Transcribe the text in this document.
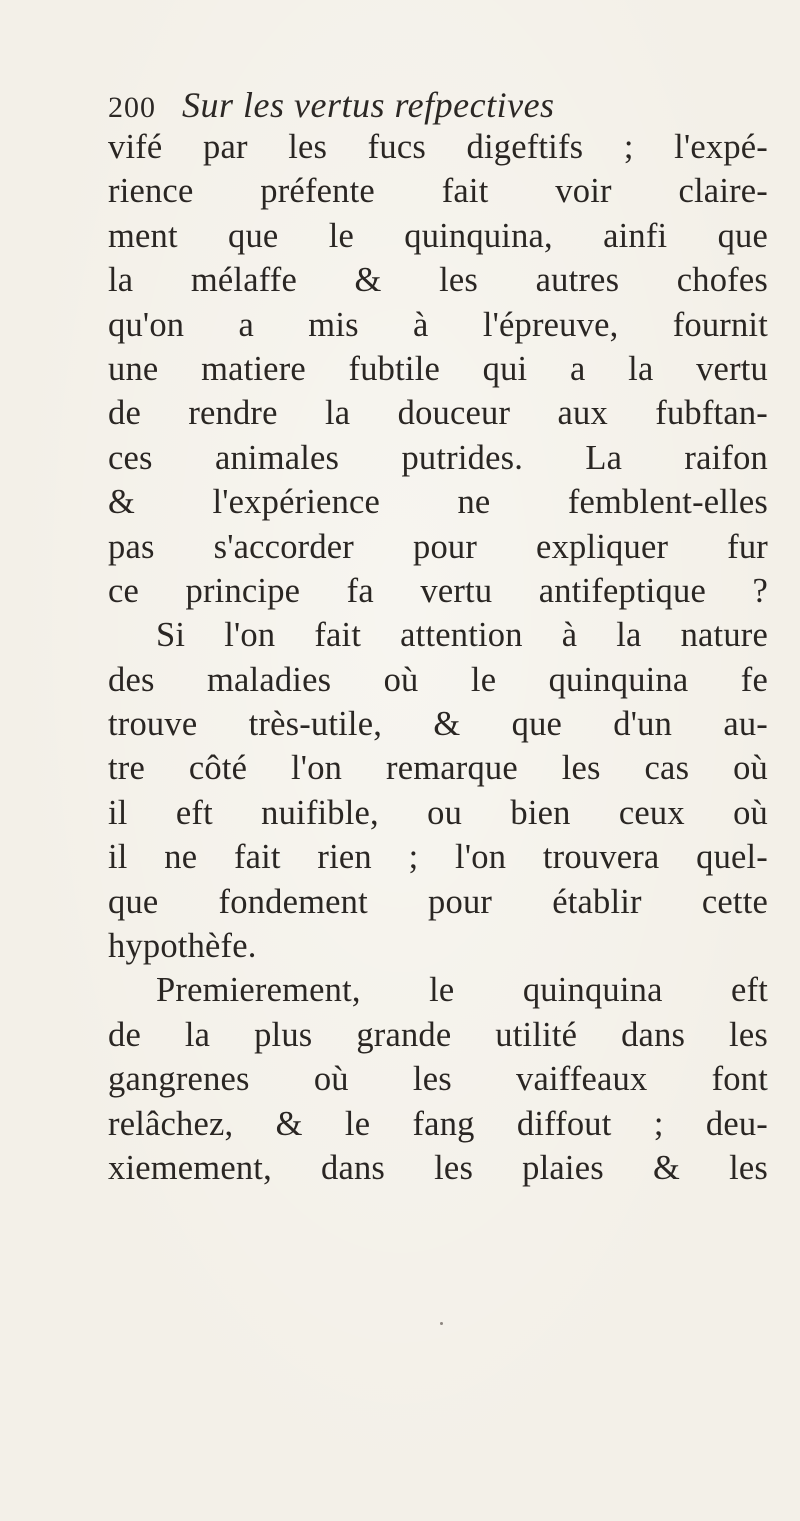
200 Sur les vertus refpectives
vifé par les fucs digeftifs ; l'expé-
rience préfente fait voir claire-
ment que le quinquina, ainfi que
la mélaffe & les autres chofes
qu'on a mis à l'épreuve, fournit
une matiere fubtile qui a la vertu
de rendre la douceur aux fubftan-
ces animales putrides. La raifon
& l'expérience ne femblent-elles
pas s'accorder pour expliquer fur
ce principe fa vertu antifeptique ?
Si l'on fait attention à la nature
des maladies où le quinquina fe
trouve très-utile, & que d'un au-
tre côté l'on remarque les cas où
il eft nuifible, ou bien ceux où
il ne fait rien ; l'on trouvera quel-
que fondement pour établir cette
hypothèfe.
Premierement, le quinquina eft
de la plus grande utilité dans les
gangrenes où les vaiffeaux font
relâchez, & le fang diffout ; deu-
xiemement, dans les plaies & les
